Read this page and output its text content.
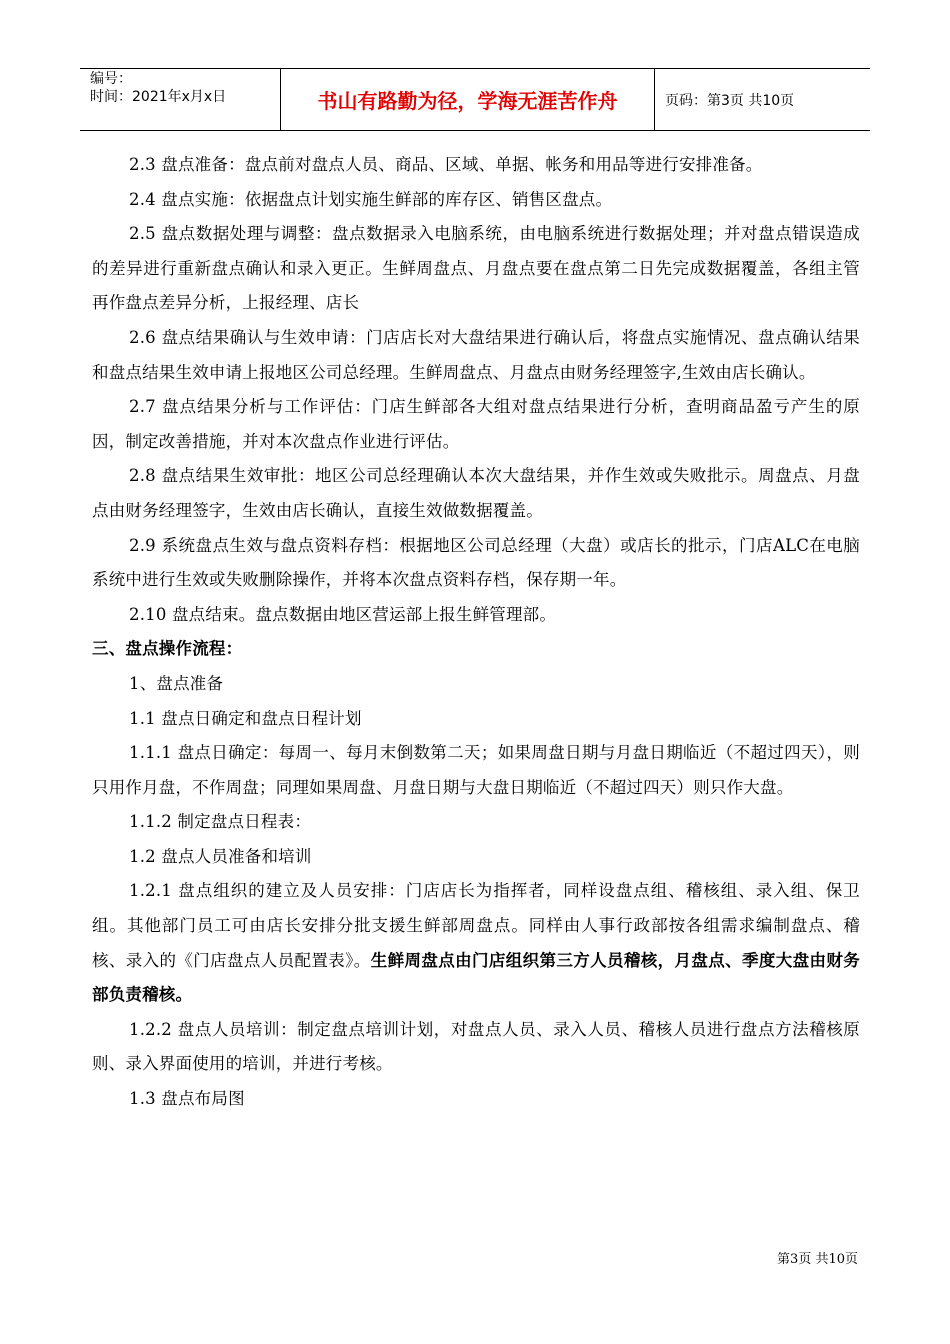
编号：
时间：2021年x月x日	书山有路勤为径，学海无涯苦作舟	页码：第3页 共10页

2.3 盘点准备：盘点前对盘点人员、商品、区域、单据、帐务和用品等进行安排准备。

2.4 盘点实施：依据盘点计划实施生鲜部的库存区、销售区盘点。

2.5 盘点数据处理与调整：盘点数据录入电脑系统，由电脑系统进行数据处理；并对盘点错误造成的差异进行重新盘点确认和录入更正。生鲜周盘点、月盘点要在盘点第二日先完成数据覆盖，各组主管再作盘点差异分析，上报经理、店长

2.6 盘点结果确认与生效申请：门店店长对大盘结果进行确认后，将盘点实施情况、盘点确认结果和盘点结果生效申请上报地区公司总经理。生鲜周盘点、月盘点由财务经理签字,生效由店长确认。

2.7 盘点结果分析与工作评估：门店生鲜部各大组对盘点结果进行分析，查明商品盈亏产生的原因，制定改善措施，并对本次盘点作业进行评估。

2.8 盘点结果生效审批：地区公司总经理确认本次大盘结果，并作生效或失败批示。周盘点、月盘点由财务经理签字，生效由店长确认，直接生效做数据覆盖。

2.9 系统盘点生效与盘点资料存档：根据地区公司总经理（大盘）或店长的批示，门店ALC在电脑系统中进行生效或失败删除操作，并将本次盘点资料存档，保存期一年。

2.10 盘点结束。盘点数据由地区营运部上报生鲜管理部。

三、盘点操作流程：

1、盘点准备

1.1 盘点日确定和盘点日程计划

1.1.1 盘点日确定：每周一、每月末倒数第二天；如果周盘日期与月盘日期临近（不超过四天），则只用作月盘，不作周盘；同理如果周盘、月盘日期与大盘日期临近（不超过四天）则只作大盘。

1.1.2 制定盘点日程表：

1.2 盘点人员准备和培训

1.2.1 盘点组织的建立及人员安排：门店店长为指挥者，同样设盘点组、稽核组、录入组、保卫组。其他部门员工可由店长安排分批支援生鲜部周盘点。同样由人事行政部按各组需求编制盘点、稽核、录入的《门店盘点人员配置表》。生鲜周盘点由门店组织第三方人员稽核，月盘点、季度大盘由财务部负责稽核。

1.2.2 盘点人员培训：制定盘点培训计划，对盘点人员、录入人员、稽核人员进行盘点方法稽核原则、录入界面使用的培训，并进行考核。

1.3 盘点布局图

第3页 共10页
